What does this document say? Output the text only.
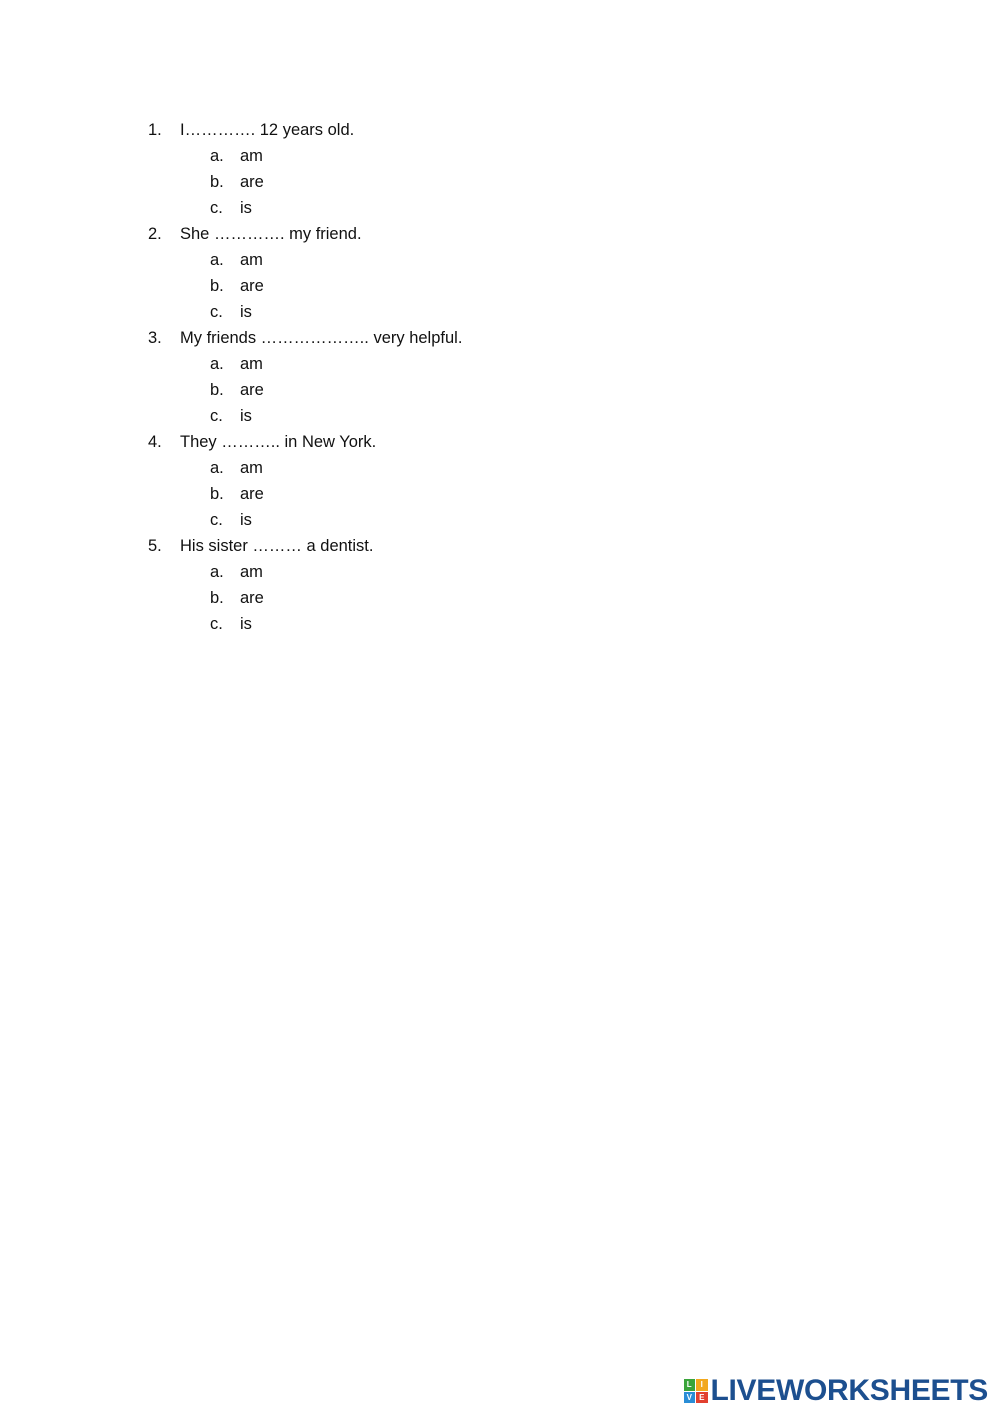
1.	I…………. 12 years old.
a. am
b. are
c.	is
2.	She …………. my friend.
a. am
b. are
c.	is
3.	My friends ……………….. very helpful.
a. am
b. are
c.	is
4.	They ……….. in New York.
a. am
b. are
c.	is
5.	His sister ……… a dentist.
a. am
b. are
c.	is
L	I
V E LIVEWORKSHEETS
